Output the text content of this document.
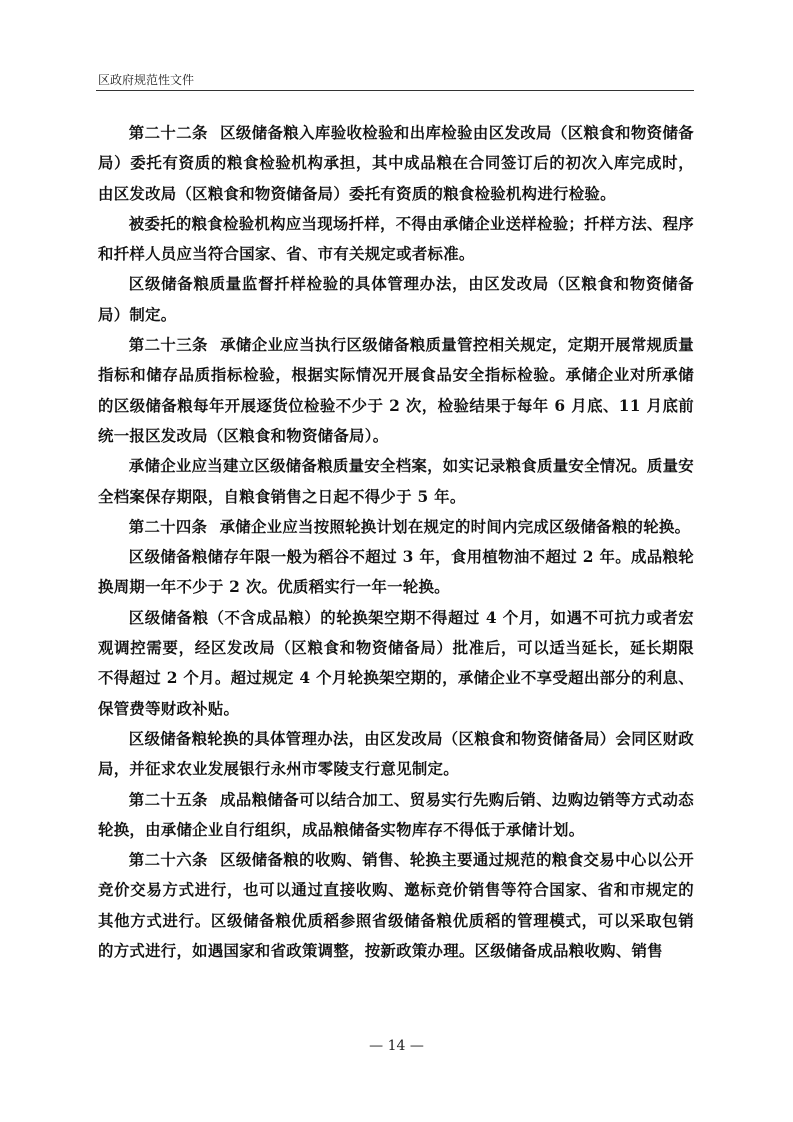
区政府规范性文件

第二十二条 区级储备粮入库验收检验和出库检验由区发改局（区粮食和物资储备局）委托有资质的粮食检验机构承担，其中成品粮在合同签订后的初次入库完成时，由区发改局（区粮食和物资储备局）委托有资质的粮食检验机构进行检验。

被委托的粮食检验机构应当现场扦样，不得由承储企业送样检验；扦样方法、程序和扦样人员应当符合国家、省、市有关规定或者标准。

区级储备粮质量监督扦样检验的具体管理办法，由区发改局（区粮食和物资储备局）制定。

第二十三条 承储企业应当执行区级储备粮质量管控相关规定，定期开展常规质量指标和储存品质指标检验，根据实际情况开展食品安全指标检验。承储企业对所承储的区级储备粮每年开展逐货位检验不少于 2 次，检验结果于每年 6 月底、11 月底前统一报区发改局（区粮食和物资储备局）。

承储企业应当建立区级储备粮质量安全档案，如实记录粮食质量安全情况。质量安全档案保存期限，自粮食销售之日起不得少于 5 年。

第二十四条 承储企业应当按照轮换计划在规定的时间内完成区级储备粮的轮换。

区级储备粮储存年限一般为稻谷不超过 3 年，食用植物油不超过 2 年。成品粮轮换周期一年不少于 2 次。优质稻实行一年一轮换。

区级储备粮（不含成品粮）的轮换架空期不得超过 4 个月，如遇不可抗力或者宏观调控需要，经区发改局（区粮食和物资储备局）批准后，可以适当延长，延长期限不得超过 2 个月。超过规定 4 个月轮换架空期的，承储企业不享受超出部分的利息、保管费等财政补贴。

区级储备粮轮换的具体管理办法，由区发改局（区粮食和物资储备局）会同区财政局，并征求农业发展银行永州市零陵支行意见制定。

第二十五条 成品粮储备可以结合加工、贸易实行先购后销、边购边销等方式动态轮换，由承储企业自行组织，成品粮储备实物库存不得低于承储计划。

第二十六条 区级储备粮的收购、销售、轮换主要通过规范的粮食交易中心以公开竞价交易方式进行，也可以通过直接收购、邀标竞价销售等符合国家、省和市规定的其他方式进行。区级储备粮优质稻参照省级储备粮优质稻的管理模式，可以采取包销的方式进行，如遇国家和省政策调整，按新政策办理。区级储备成品粮收购、销售

— 14 —
